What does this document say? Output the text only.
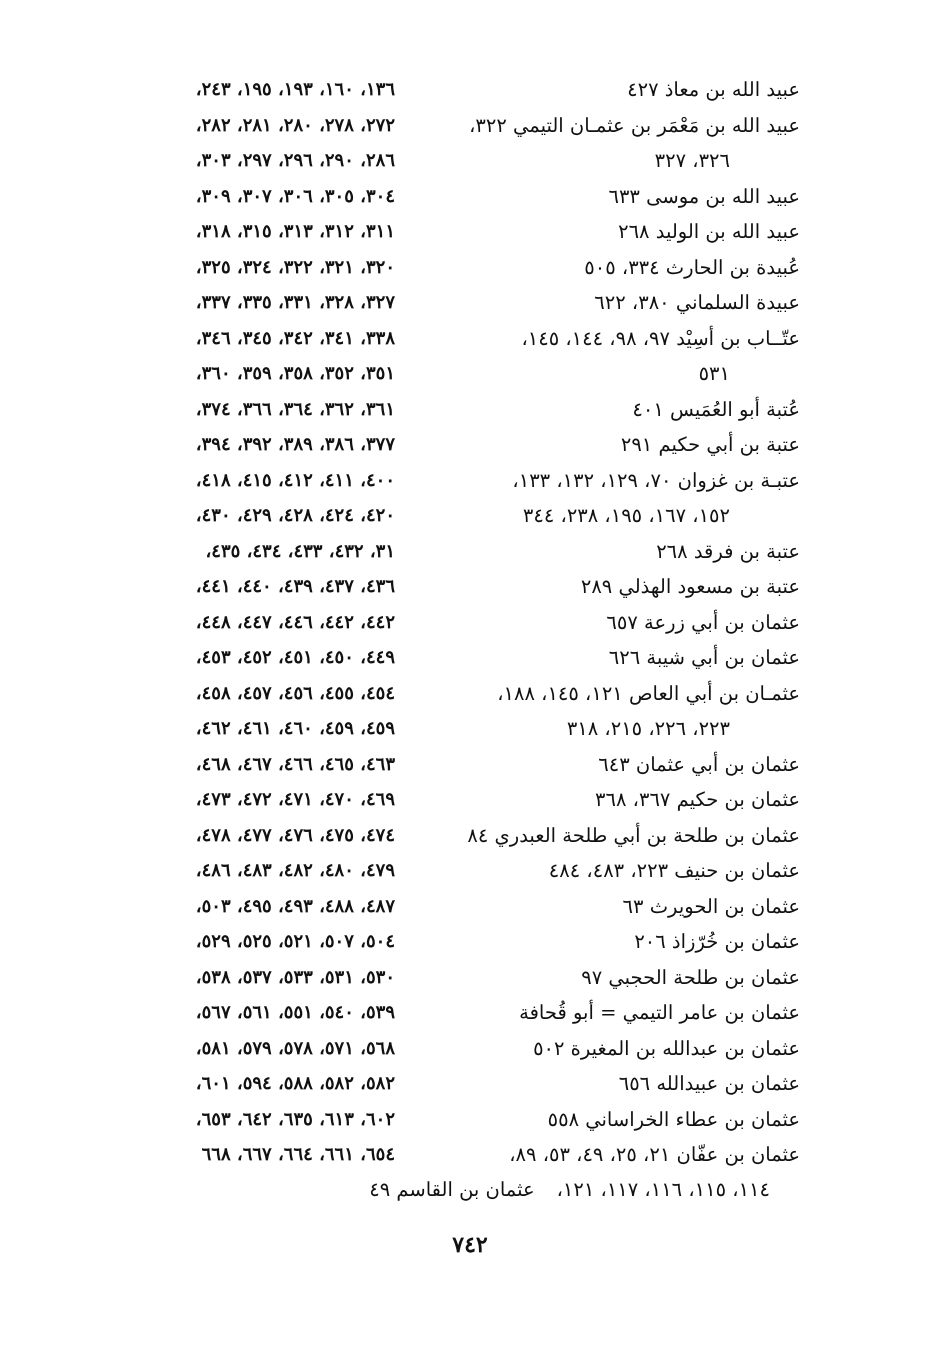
عبيد الله بن معاذ ٤٢٧
عبيد الله بن مَعْمَر بن عثمـان التيمي ٣٢٢،
٣٢٦، ٣٢٧
عبيد الله بن موسى ٦٣٣
عبيد الله بن الوليد ٢٦٨
عُبيدة بن الحارث ٣٣٤، ٥٠٥
عبيدة السلماني ٣٨٠، ٦٢٢
عتّــاب بن أسِيْد ٩٧، ٩٨، ١٤٤، ١٤٥،
٥٣١
عُتبة أبو العُمَيس ٤٠١
عتبة بن أبي حكيم ٢٩١
عتبـة بن غزوان ٧٠، ١٢٩، ١٣٢، ١٣٣،
١٥٢، ١٦٧، ١٩٥، ٢٣٨، ٣٤٤
عتبة بن فرقد ٢٦٨
عتبة بن مسعود الهذلي ٢٨٩
عثمان بن أبي زرعة ٦٥٧
عثمان بن أبي شيبة ٦٢٦
عثمـان بن أبي العاص ١٢١، ١٤٥، ١٨٨،
٢٢٣، ٢٢٦، ٢١٥، ٣١٨
عثمان بن أبي عثمان ٦٤٣
عثمان بن حكيم ٣٦٧، ٣٦٨
عثمان بن طلحة بن أبي طلحة العبدري ٨٤
عثمان بن حنيف ٢٢٣، ٤٨٣، ٤٨٤
عثمان بن الحويرث ٦٣
عثمان بن خُرّزاذ ٢٠٦
عثمان بن طلحة الحجبي ٩٧
عثمان بن عامر التيمي = أبو قُحافة
عثمان بن عبدالله بن المغيرة ٥٠٢
عثمان بن عبيدالله ٦٥٦
عثمان بن عطاء الخراساني ٥٥٨
عثمان بن عفّان ٢١، ٢٥، ٤٩، ٥٣، ٨٩،
١٣٦، ١٦٠، ١٩٣، ١٩٥، ٢٤٣،
٢٧٢، ٢٧٨، ٢٨٠، ٢٨١، ٢٨٢،
٢٨٦، ٢٩٠، ٢٩٦، ٢٩٧، ٣٠٣،
٣٠٤، ٣٠٥، ٣٠٦، ٣٠٧، ٣٠٩،
٣١١، ٣١٢، ٣١٣، ٣١٥، ٣١٨،
٣٢٠، ٣٢١، ٣٢٢، ٣٢٤، ٣٢٥،
٣٢٧، ٣٢٨، ٣٣١، ٣٣٥، ٣٣٧،
٣٣٨، ٣٤١، ٣٤٢، ٣٤٥، ٣٤٦،
٣٥١، ٣٥٢، ٣٥٨، ٣٥٩، ٣٦٠،
٣٦١، ٣٦٢، ٣٦٤، ٣٦٦، ٣٧٤،
٣٧٧، ٣٨٦، ٣٨٩، ٣٩٢، ٣٩٤،
٤٠٠، ٤١١، ٤١٢، ٤١٥، ٤١٨،
٤٢٠، ٤٢٤، ٤٢٨، ٤٢٩، ٤٣٠،
٣١، ٤٣٢، ٤٣٣، ٤٣٤، ٤٣٥،
٤٣٦، ٤٣٧، ٤٣٩، ٤٤٠، ٤٤١،
٤٤٢، ٤٤٢، ٤٤٦، ٤٤٧، ٤٤٨،
٤٤٩، ٤٥٠، ٤٥١، ٤٥٢، ٤٥٣،
٤٥٤، ٤٥٥، ٤٥٦، ٤٥٧، ٤٥٨،
٤٥٩، ٤٥٩، ٤٦٠، ٤٦١، ٤٦٢،
٤٦٣، ٤٦٥، ٤٦٦، ٤٦٧، ٤٦٨،
٤٦٩، ٤٧٠، ٤٧١، ٤٧٢، ٤٧٣،
٤٧٤، ٤٧٥، ٤٧٦، ٤٧٧، ٤٧٨،
٤٧٩، ٤٨٠، ٤٨٢، ٤٨٣، ٤٨٦،
٤٨٧، ٤٨٨، ٤٩٣، ٤٩٥، ٥٠٣،
٥٠٤، ٥٠٧، ٥٢١، ٥٢٥، ٥٢٩،
٥٣٠، ٥٣١، ٥٣٣، ٥٣٧، ٥٣٨،
٥٣٩، ٥٤٠، ٥٥١، ٥٦١، ٥٦٧،
٥٦٨، ٥٧١، ٥٧٨، ٥٧٩، ٥٨١،
٥٨٢، ٥٨٢، ٥٨٨، ٥٩٤، ٦٠١،
٦٠٢، ٦١٣، ٦٣٥، ٦٤٢، ٦٥٣،
٦٥٤، ٦٦١، ٦٦٤، ٦٦٧، ٦٦٨
١١٤، ١١٥، ١١٦، ١١٧، ١٢١،
عثمان بن القاسم ٤٩
٧٤٢
